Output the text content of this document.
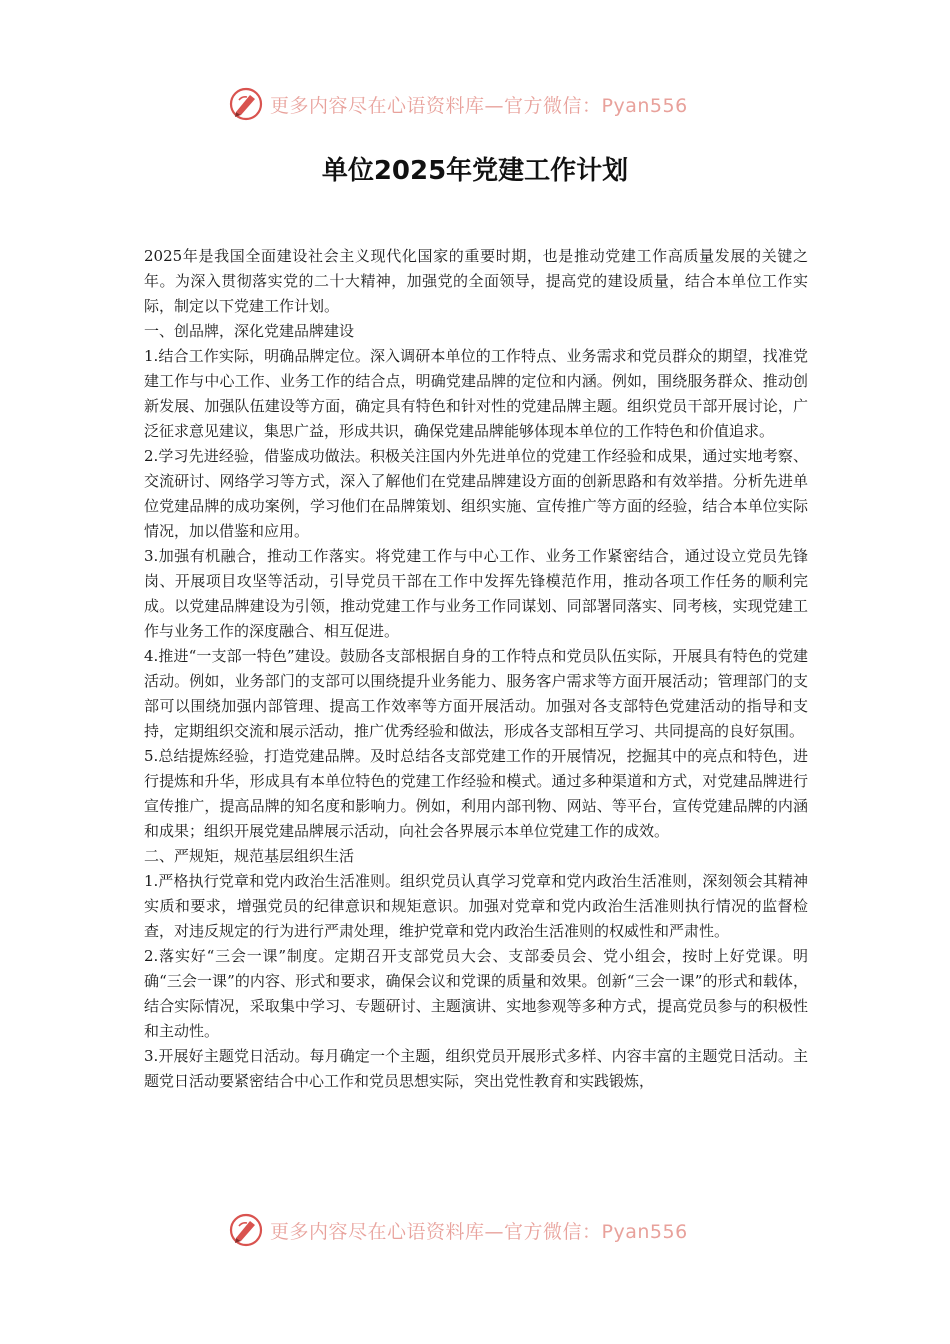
更多内容尽在心语资料库—官方微信：Pyan556
单位2025年党建工作计划

2025年是我国全面建设社会主义现代化国家的重要时期，也是推动党建工作高质量发展的关键之年。为深入贯彻落实党的二十大精神，加强党的全面领导，提高党的建设质量，结合本单位工作实际，制定以下党建工作计划。

一、创品牌，深化党建品牌建设

1.结合工作实际，明确品牌定位。深入调研本单位的工作特点、业务需求和党员群众的期望，找准党建工作与中心工作、业务工作的结合点，明确党建品牌的定位和内涵。例如，围绕服务群众、推动创新发展、加强队伍建设等方面，确定具有特色和针对性的党建品牌主题。组织党员干部开展讨论，广泛征求意见建议，集思广益，形成共识，确保党建品牌能够体现本单位的工作特色和价值追求。

2.学习先进经验，借鉴成功做法。积极关注国内外先进单位的党建工作经验和成果，通过实地考察、交流研讨、网络学习等方式，深入了解他们在党建品牌建设方面的创新思路和有效举措。分析先进单位党建品牌的成功案例，学习他们在品牌策划、组织实施、宣传推广等方面的经验，结合本单位实际情况，加以借鉴和应用。

3.加强有机融合，推动工作落实。将党建工作与中心工作、业务工作紧密结合，通过设立党员先锋岗、开展项目攻坚等活动，引导党员干部在工作中发挥先锋模范作用，推动各项工作任务的顺利完成。以党建品牌建设为引领，推动党建工作与业务工作同谋划、同部署同落实、同考核，实现党建工作与业务工作的深度融合、相互促进。

4.推进“一支部一特色”建设。鼓励各支部根据自身的工作特点和党员队伍实际，开展具有特色的党建活动。例如，业务部门的支部可以围绕提升业务能力、服务客户需求等方面开展活动；管理部门的支部可以围绕加强内部管理、提高工作效率等方面开展活动。加强对各支部特色党建活动的指导和支持，定期组织交流和展示活动，推广优秀经验和做法，形成各支部相互学习、共同提高的良好氛围。

5.总结提炼经验，打造党建品牌。及时总结各支部党建工作的开展情况，挖掘其中的亮点和特色，进行提炼和升华，形成具有本单位特色的党建工作经验和模式。通过多种渠道和方式，对党建品牌进行宣传推广，提高品牌的知名度和影响力。例如，利用内部刊物、网站、等平台，宣传党建品牌的内涵和成果；组织开展党建品牌展示活动，向社会各界展示本单位党建工作的成效。

二、严规矩，规范基层组织生活

1.严格执行党章和党内政治生活准则。组织党员认真学习党章和党内政治生活准则，深刻领会其精神实质和要求，增强党员的纪律意识和规矩意识。加强对党章和党内政治生活准则执行情况的监督检查，对违反规定的行为进行严肃处理，维护党章和党内政治生活准则的权威性和严肃性。

2.落实好“三会一课”制度。定期召开支部党员大会、支部委员会、党小组会，按时上好党课。明确“三会一课”的内容、形式和要求，确保会议和党课的质量和效果。创新“三会一课”的形式和载体，结合实际情况，采取集中学习、专题研讨、主题演讲、实地参观等多种方式，提高党员参与的积极性和主动性。

3.开展好主题党日活动。每月确定一个主题，组织党员开展形式多样、内容丰富的主题党日活动。主题党日活动要紧密结合中心工作和党员思想实际，突出党性教育和实践锻炼，

更多内容尽在心语资料库—官方微信：Pyan556
